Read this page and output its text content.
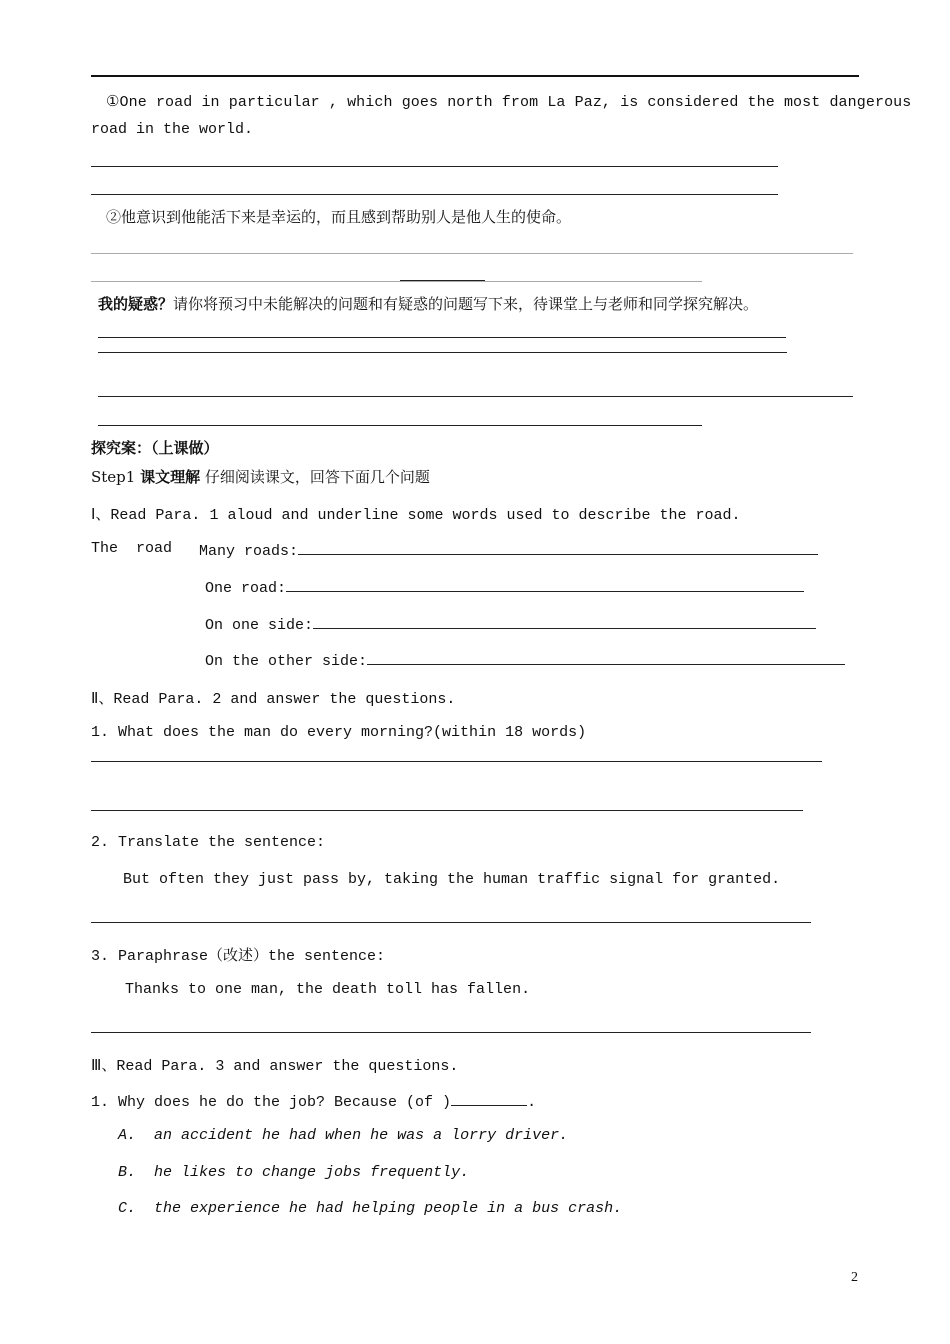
①One road in particular , which goes north from La Paz, is considered the most dangerous
road in the world.
②他意识到他能活下来是幸运的，而且感到帮助别人是他人生的使命。
我的疑惑？请你将预习中未能解决的问题和有疑惑的问题写下来，待课堂上与老师和同学探究解决。
探究案：（上课做）
Step1 课文理解 仔细阅读课文，回答下面几个问题
Ⅰ、Read Para. 1 aloud and underline some words used to describe the road.
The  road Many roads:
One road:
On one side:
On the other side:
Ⅱ、Read Para. 2 and answer the questions.
1. What does the man do every morning?(within 18 words)
2. Translate the sentence:
But often they just pass by, taking the human traffic signal for granted.
3. Paraphrase（改述）the sentence:
Thanks to one man, the death toll has fallen.
Ⅲ、Read Para. 3 and answer the questions.
1. Why does he do the job? Because (of )	.
A. an accident he had when he was a lorry driver.
B. he likes to change jobs frequently.
C. the experience he had helping people in a bus crash.
2
